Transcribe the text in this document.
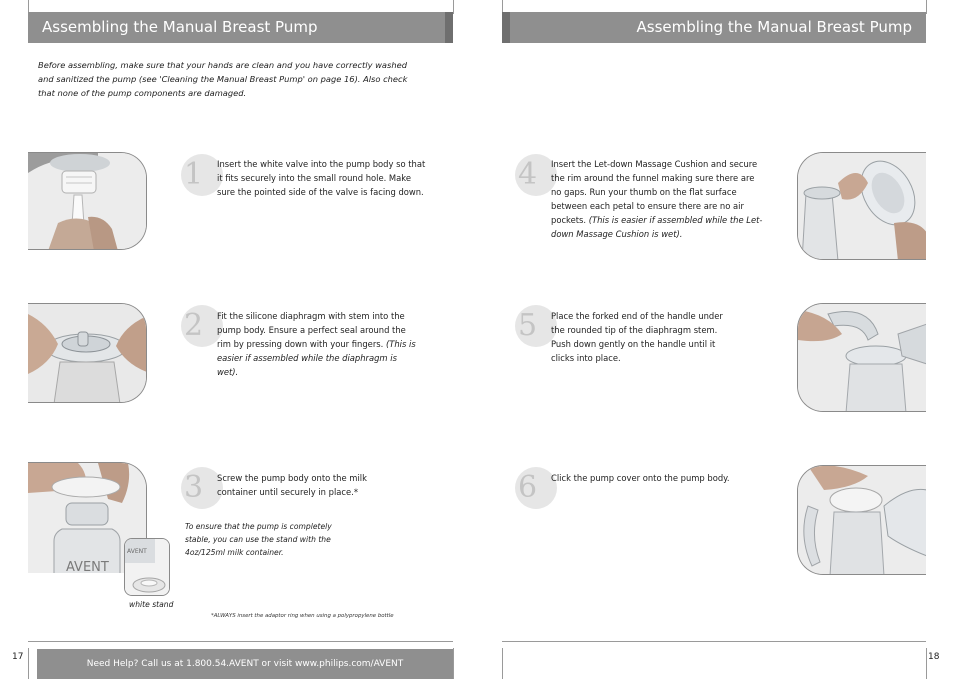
Assembling the Manual Breast Pump
Before assembling, make sure that your hands are clean and you have correctly washed and sanitized the pump (see 'Cleaning the Manual Breast Pump' on page 16). Also check that none of the pump components are damaged.
1	Insert the white valve into the pump body so that it fits securely into the small round hole. Make sure the pointed side of the valve is facing down.
2	Fit the silicone diaphragm with stem into the pump body. Ensure a perfect seal around the rim by pressing down with your fingers. (This is easier if assembled while the diaphragm is wet).
AVENT
AVENT
white stand
3	Screw the pump body onto the milk container until securely in place.*
To ensure that the pump is completely stable, you can use the stand with the 4oz/125ml milk container.
*ALWAYS insert the adaptor ring when using a polypropylene bottle
Need Help? Call us at 1.800.54.AVENT or visit www.philips.com/AVENT
17
Assembling the Manual Breast Pump
4	Insert the Let-down Massage Cushion and secure the rim around the funnel making sure there are no gaps. Run your thumb on the flat surface between each petal to ensure there are no air pockets. (This is easier if assembled while the Let-down Massage Cushion is wet).
5	Place the forked end of the handle under the rounded tip of the diaphragm stem. Push down gently on the handle until it clicks into place.
6	Click the pump cover onto the pump body.
18
